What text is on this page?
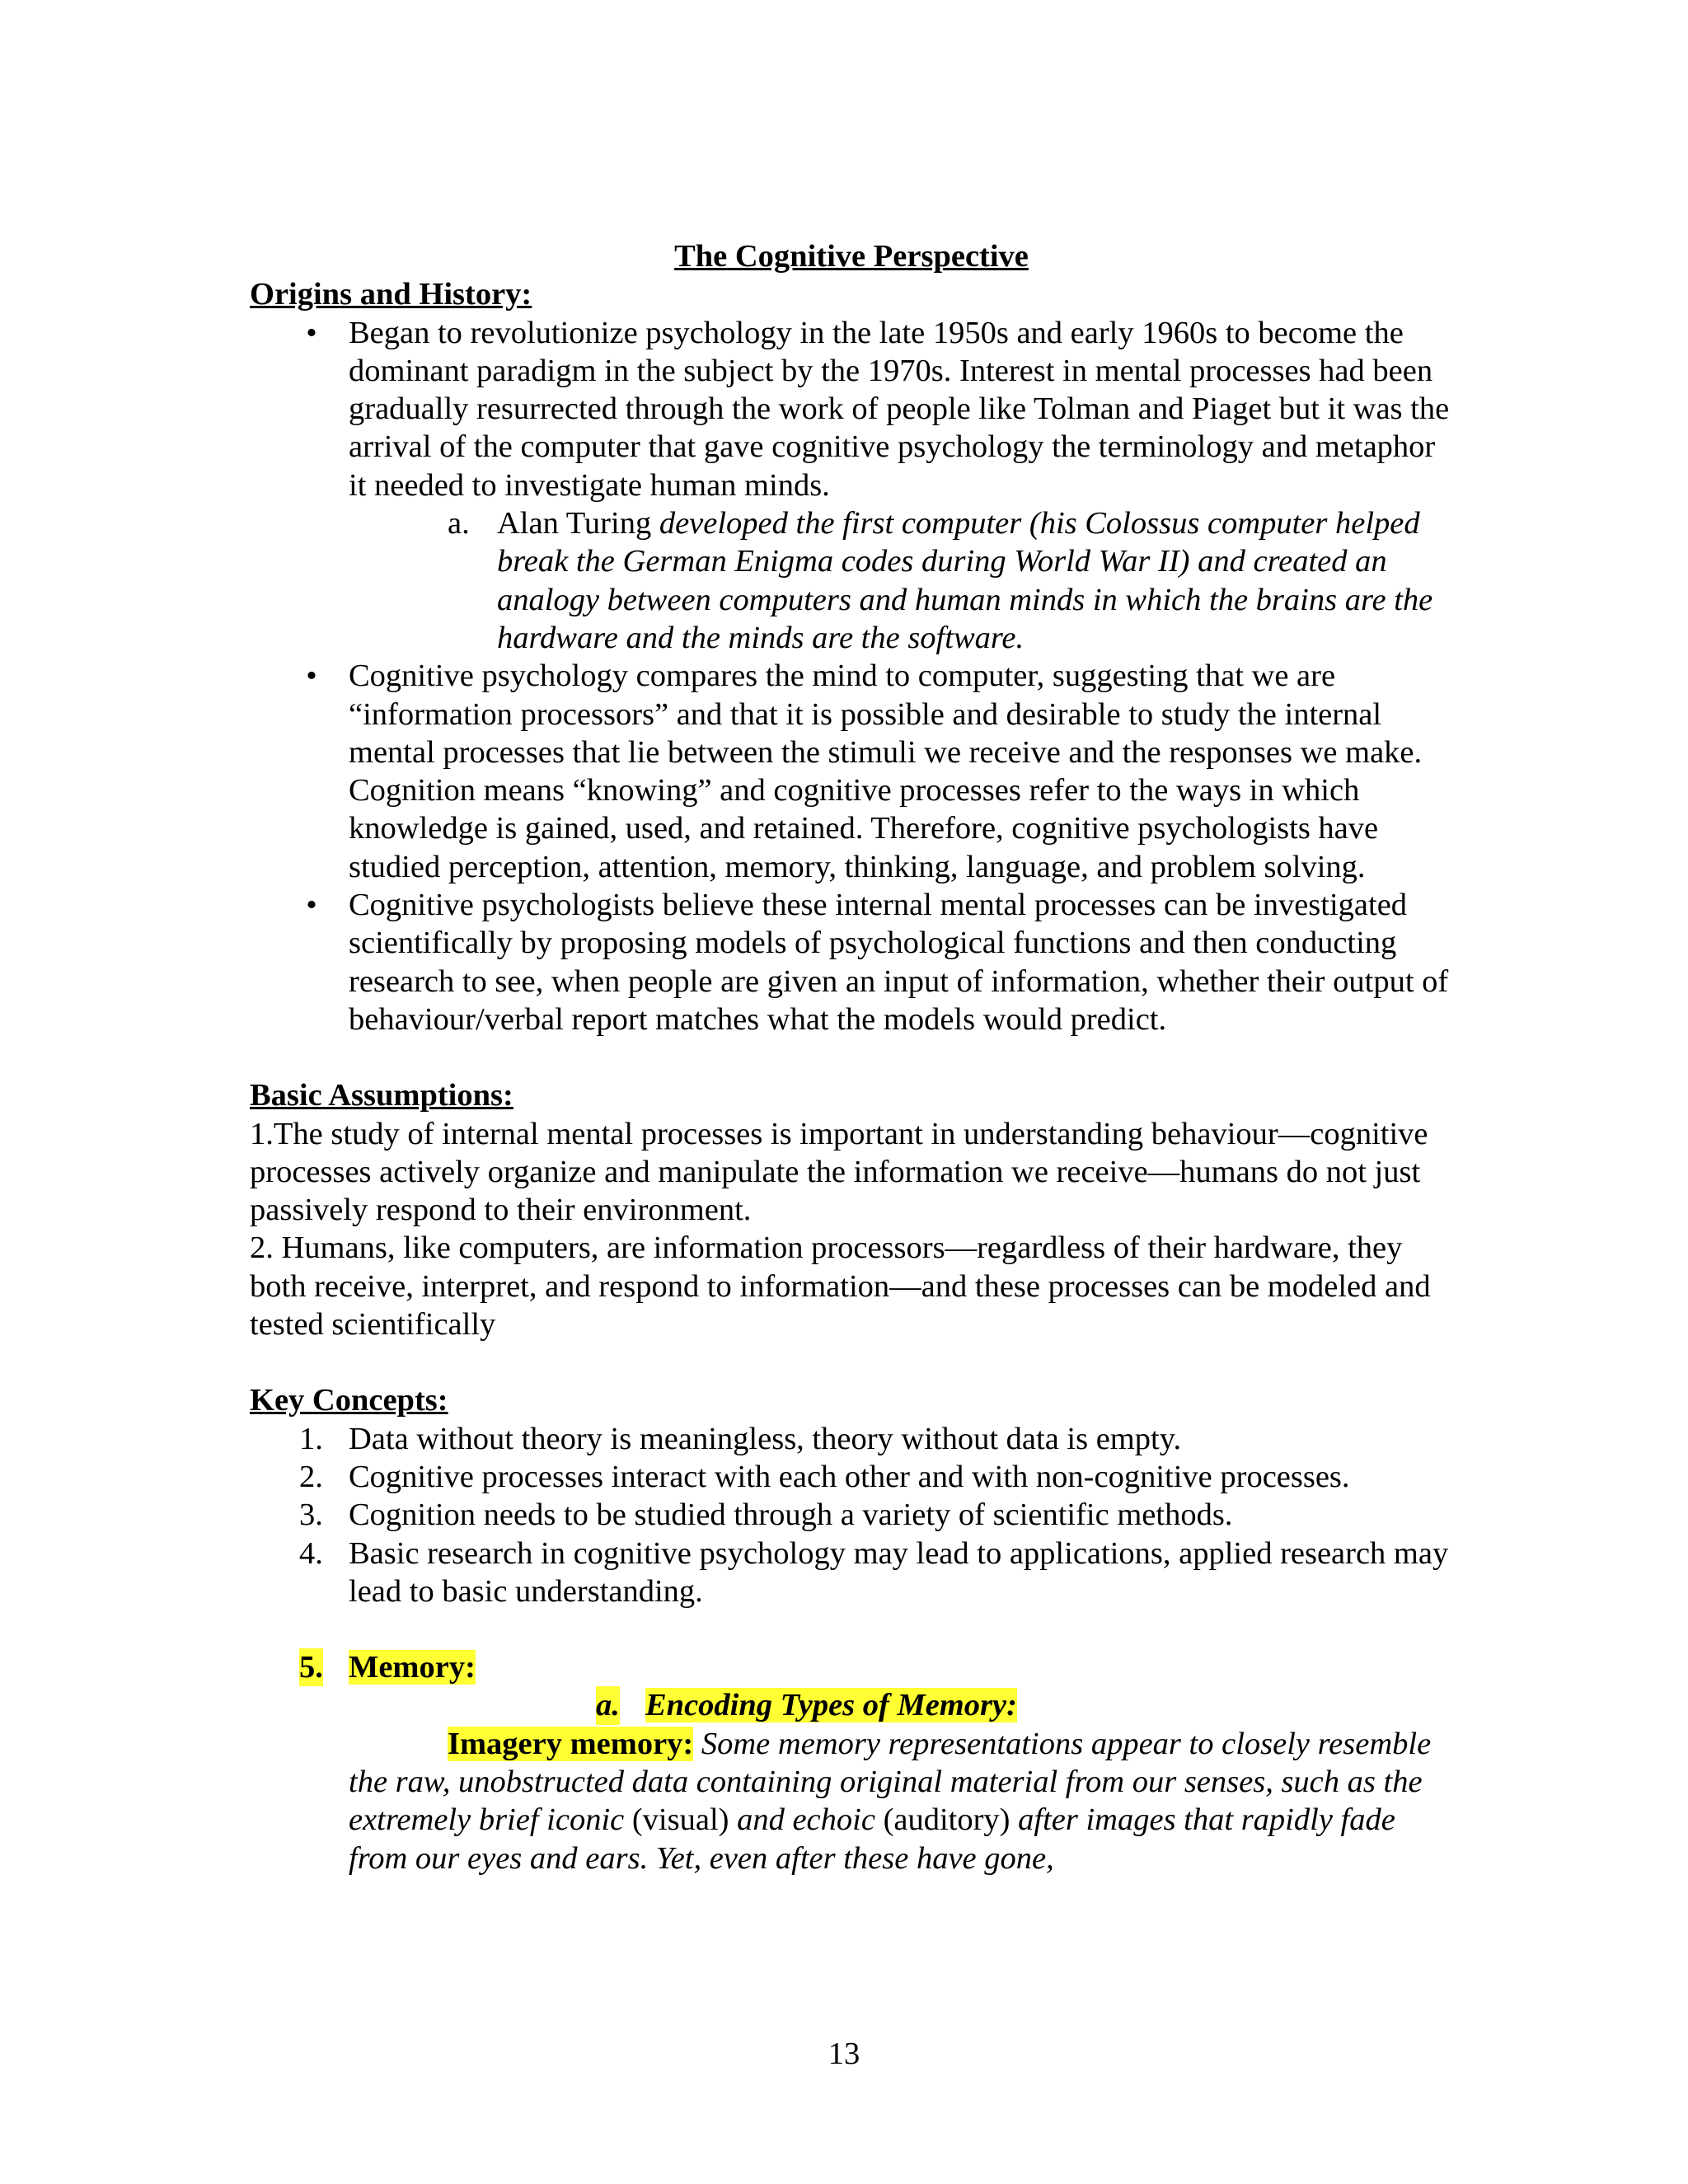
The Cognitive Perspective

Origins and History:

• Began to revolutionize psychology in the late 1950s and early 1960s to become the dominant paradigm in the subject by the 1970s. Interest in mental processes had been gradually resurrected through the work of people like Tolman and Piaget but it was the arrival of the computer that gave cognitive psychology the terminology and metaphor it needed to investigate human minds.
a. Alan Turing developed the first computer (his Colossus computer helped break the German Enigma codes during World War II) and created an analogy between computers and human minds in which the brains are the hardware and the minds are the software.
• Cognitive psychology compares the mind to computer, suggesting that we are “information processors” and that it is possible and desirable to study the internal mental processes that lie between the stimuli we receive and the responses we make. Cognition means “knowing” and cognitive processes refer to the ways in which knowledge is gained, used, and retained. Therefore, cognitive psychologists have studied perception, attention, memory, thinking, language, and problem solving.
• Cognitive psychologists believe these internal mental processes can be investigated scientifically by proposing models of psychological functions and then conducting research to see, when people are given an input of information, whether their output of behaviour/verbal report matches what the models would predict.

Basic Assumptions:

1.The study of internal mental processes is important in understanding behaviour—cognitive processes actively organize and manipulate the information we receive—humans do not just passively respond to their environment.

2. Humans, like computers, are information processors—regardless of their hardware, they both receive, interpret, and respond to information—and these processes can be modeled and tested scientifically

Key Concepts:

1. Data without theory is meaningless, theory without data is empty.
2. Cognitive processes interact with each other and with non-cognitive processes.
3. Cognition needs to be studied through a variety of scientific methods.
4. Basic research in cognitive psychology may lead to applications, applied research may lead to basic understanding.
5. Memory:
a. Encoding Types of Memory:

Imagery memory: Some memory representations appear to closely resemble the raw, unobstructed data containing original material from our senses, such as the extremely brief iconic (visual) and echoic (auditory) after images that rapidly fade from our eyes and ears. Yet, even after these have gone,

13
